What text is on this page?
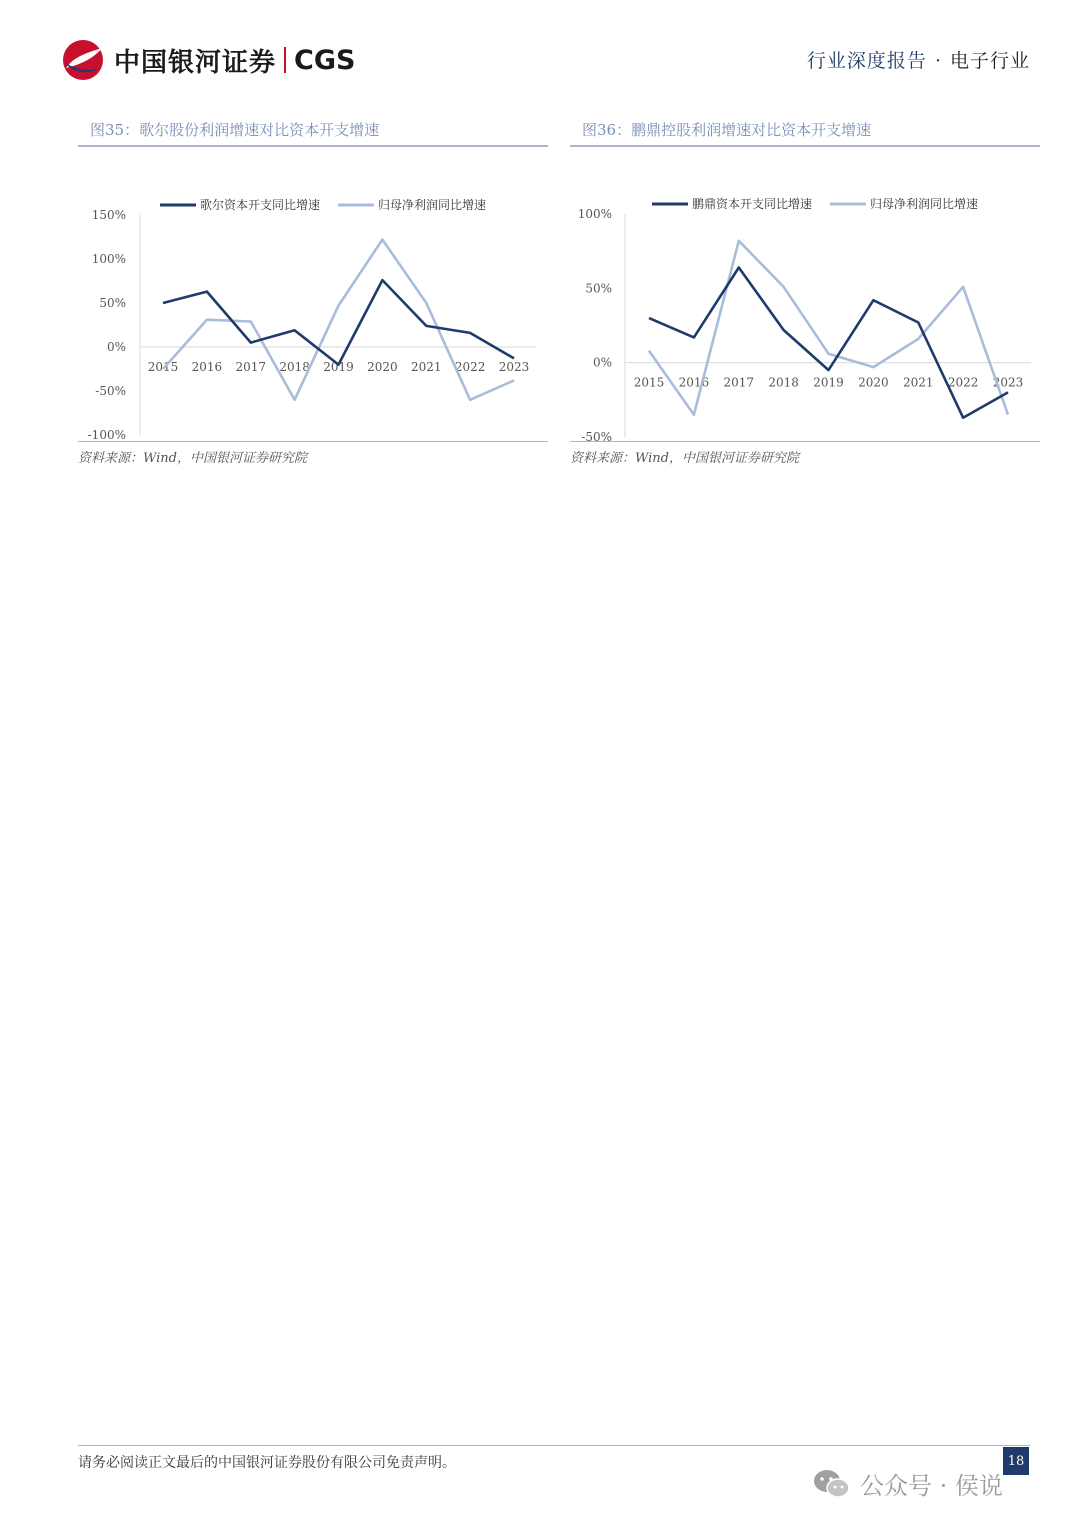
中国银河证券 CGS	行业深度报告 · 电子行业
图35：歌尔股份利润增速对比资本开支增速
150%
100%
50%
0%
-50%
-100%
2015 2016 2017 2018 2019 2020 2021 2022 2023
歌尔资本开支同比增速	归母净利润同比增速
资料来源：Wind，中国银河证券研究院
图36：鹏鼎控股利润增速对比资本开支增速
100%
50%
0%
-50%
2015 2016 2017 2018 2019 2020 2021 2022 2023
鹏鼎资本开支同比增速	归母净利润同比增速
资料来源：Wind，中国银河证券研究院
请务必阅读正文最后的中国银河证券股份有限公司免责声明。	18
公众号 · 侯说
